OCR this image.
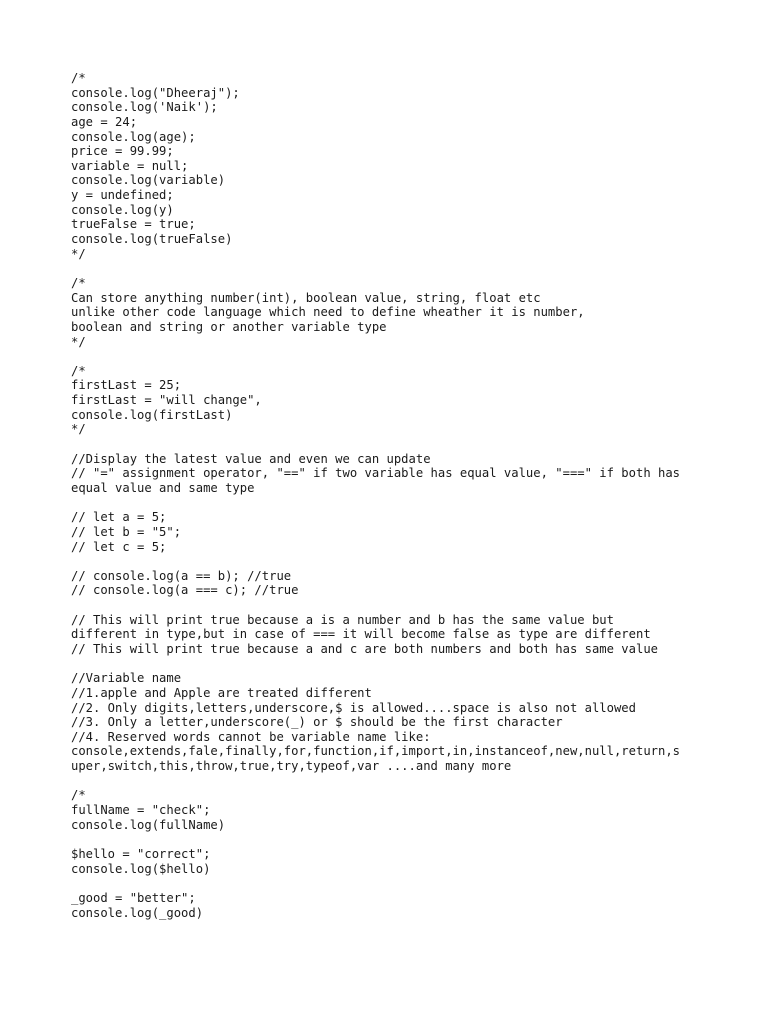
/*
console.log("Dheeraj");
console.log('Naik');
age = 24;
console.log(age);
price = 99.99;
variable = null;
console.log(variable)
y = undefined;
console.log(y)
trueFalse = true;
console.log(trueFalse)
*/
/*
Can store anything number(int), boolean value, string, float etc
unlike other code language which need to define wheather it is number,
boolean and string or another variable type
*/
/*
firstLast = 25;
firstLast = "will change",
console.log(firstLast)
*/
//Display the latest value and even we can update
// "=" assignment operator, "==" if two variable has equal value, "===" if both has
equal value and same type
// let a = 5;
// let b = "5";
// let c = 5;
// console.log(a == b); //true
// console.log(a === c); //true
// This will print true because a is a number and b has the same value but
different in type,but in case of === it will become false as type are different
// This will print true because a and c are both numbers and both has same value
//Variable name
//1.apple and Apple are treated different
//2. Only digits,letters,underscore,$ is allowed....space is also not allowed
//3. Only a letter,underscore(_) or $ should be the first character
//4. Reserved words cannot be variable name like:
console,extends,fale,finally,for,function,if,import,in,instanceof,new,null,return,s
uper,switch,this,throw,true,try,typeof,var ....and many more
/*
fullName = "check";
console.log(fullName)
$hello = "correct";
console.log($hello)
_good = "better";
console.log(_good)
